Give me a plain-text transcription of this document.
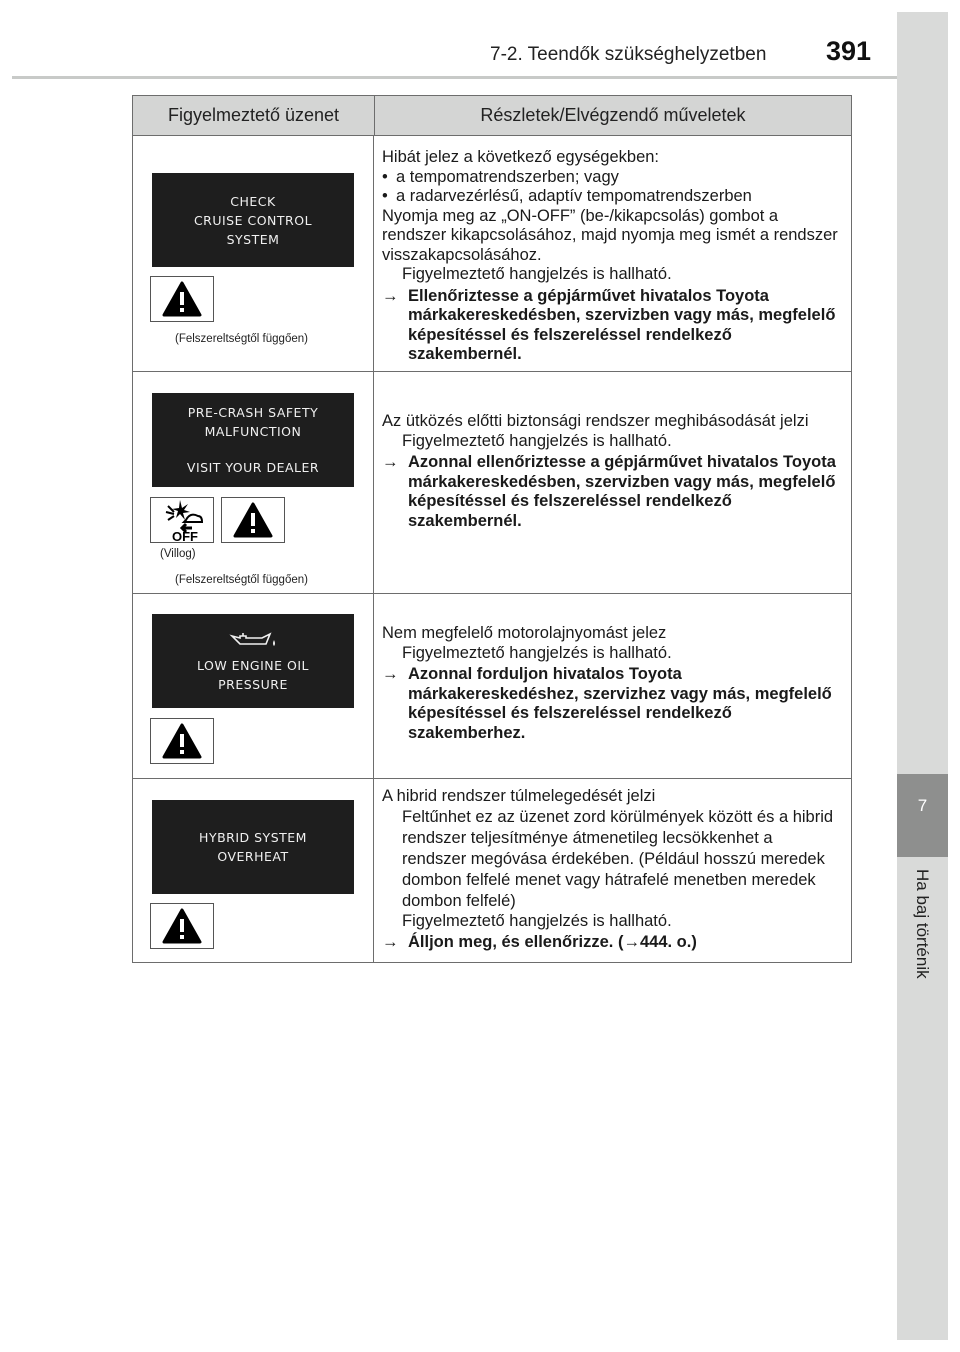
7-2. Teendők szükséghelyzetben 391
7
Ha baj történik
Figyelmeztető üzenet	Részletek/Elvégzendő műveletek
CHECK
CRUISE CONTROL
SYSTEM
(Felszereltségtől függően)
Hibát jelez a következő egységekben:
• a tempomatrendszerben; vagy
• a radarvezérlésű, adaptív tempomatrendszerben
Nyomja meg az „ON-OFF” (be-/kikapcsolás) gombot a rendszer kikapcsolásához, majd nyomja meg ismét a rendszer visszakapcsolásához.
Figyelmeztető hangjelzés is hallható.
→ Ellenőriztesse a gépjárművet hivatalos Toyota márkakereskedésben, szervizben vagy más, megfelelő képesítéssel és felszereléssel rendelkező szakembernél.
PRE-CRASH SAFETY
MALFUNCTION
VISIT YOUR DEALER
OFF
(Villog)
(Felszereltségtől függően)
Az ütközés előtti biztonsági rendszer meghibásodását jelzi
Figyelmeztető hangjelzés is hallható.
→ Azonnal ellenőriztesse a gépjárművet hivatalos Toyota márkakereskedésben, szervizben vagy más, megfelelő képesítéssel és felszereléssel rendelkező szakembernél.
LOW ENGINE OIL
PRESSURE
Nem megfelelő motorolajnyomást jelez
Figyelmeztető hangjelzés is hallható.
→ Azonnal forduljon hivatalos Toyota márkakereskedéshez, szervizhez vagy más, megfelelő képesítéssel és felszereléssel rendelkező szakemberhez.
HYBRID SYSTEM
OVERHEAT
A hibrid rendszer túlmelegedését jelzi
Feltűnhet ez az üzenet zord körülmények között és a hibrid rendszer teljesítménye átmenetileg lecsökkenhet a rendszer megóvása érdekében. (Például hosszú meredek dombon felfelé menet vagy hátrafelé menetben meredek dombon felfelé)
Figyelmeztető hangjelzés is hallható.
→ Álljon meg, és ellenőrizze. (→444. o.)
